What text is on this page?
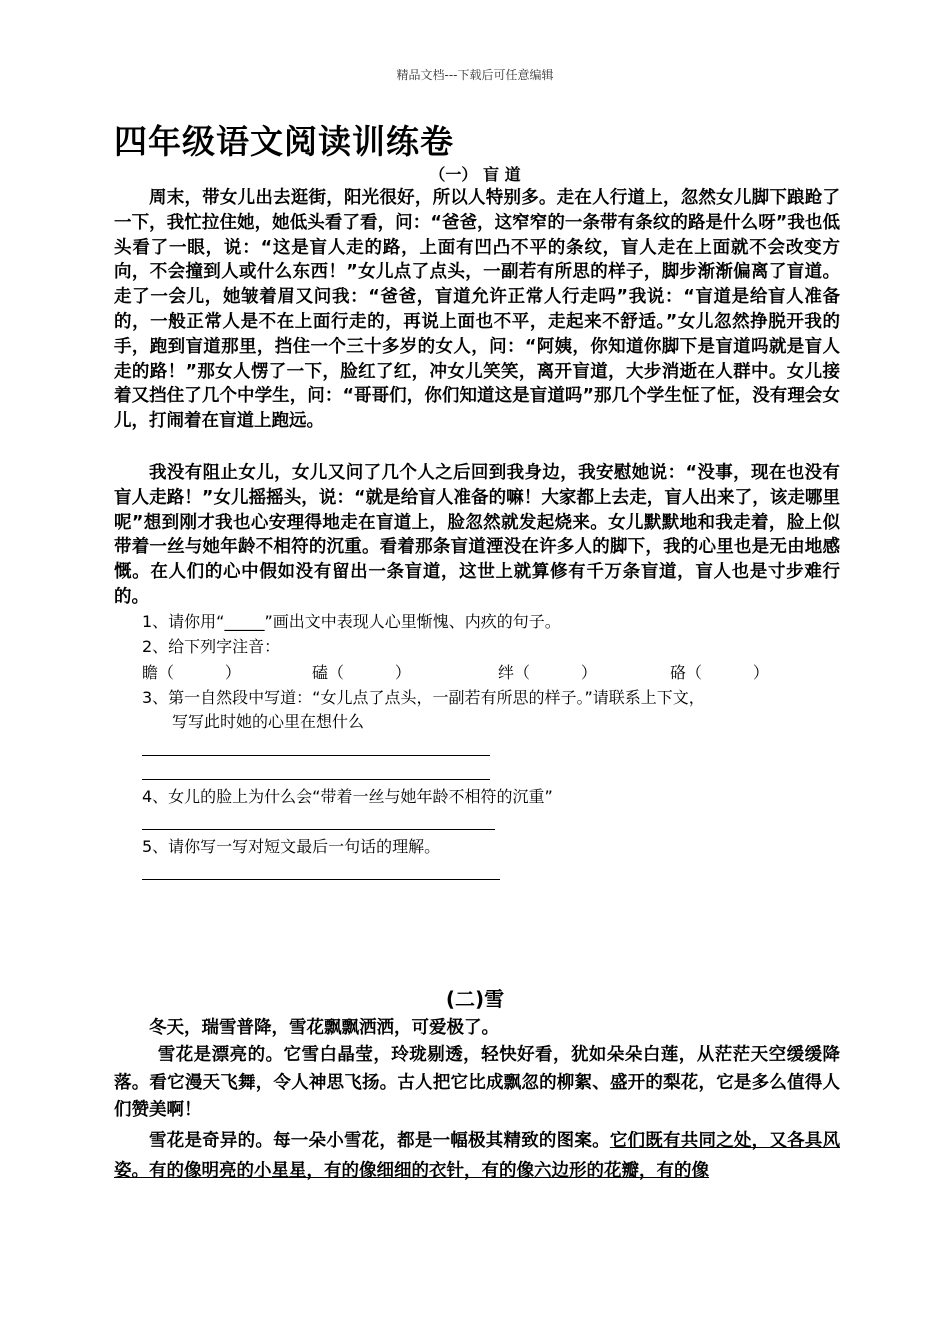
精品文档---下载后可任意编辑
四年级语文阅读训练卷
（一） 盲 道

周末，带女儿出去逛街，阳光很好，所以人特别多。走在人行道上，忽然女儿脚下踉跄了一下，我忙拉住她，她低头看了看，问：“爸爸，这窄窄的一条带有条纹的路是什么呀”我也低头看了一眼，说：“这是盲人走的路，上面有凹凸不平的条纹，盲人走在上面就不会改变方向，不会撞到人或什么东西！”女儿点了点头，一副若有所思的样子，脚步渐渐偏离了盲道。走了一会儿，她皱着眉又问我：“爸爸，盲道允许正常人行走吗”我说：“盲道是给盲人准备的，一般正常人是不在上面行走的，再说上面也不平，走起来不舒适。”女儿忽然挣脱开我的手，跑到盲道那里，挡住一个三十多岁的女人，问：“阿姨，你知道你脚下是盲道吗就是盲人走的路！”那女人愣了一下，脸红了红，冲女儿笑笑，离开盲道，大步消逝在人群中。女儿接着又挡住了几个中学生，问：“哥哥们，你们知道这是盲道吗”那几个学生怔了怔，没有理会女儿，打闹着在盲道上跑远。

我没有阻止女儿，女儿又问了几个人之后回到我身边，我安慰她说：“没事，现在也没有盲人走路！”女儿摇摇头，说：“就是给盲人准备的嘛！大家都上去走，盲人出来了，该走哪里呢”想到刚才我也心安理得地走在盲道上，脸忽然就发起烧来。女儿默默地和我走着，脸上似带着一丝与她年龄不相符的沉重。看着那条盲道湮没在许多人的脚下，我的心里也是无由地感慨。在人们的心中假如没有留出一条盲道，这世上就算修有千万条盲道，盲人也是寸步难行的。

1、请你用“_____”画出文中表现人心里惭愧、内疚的句子。
2、给下列字注音：
瞻（          ）	磕（          ）	绊（          ）	硌（          ）
3、第一自然段中写道：“女儿点了点头，一副若有所思的样子。”请联系上下文，
写写此时她的心里在想什么
4、女儿的脸上为什么会“带着一丝与她年龄不相符的沉重”
5、请你写一写对短文最后一句话的理解。
(二)雪

冬天，瑞雪普降，雪花飘飘洒洒，可爱极了。

雪花是漂亮的。它雪白晶莹，玲珑剔透，轻快好看，犹如朵朵白莲，从茫茫天空缓缓降落。看它漫天飞舞，令人神思飞扬。古人把它比成飘忽的柳絮、盛开的梨花，它是多么值得人们赞美啊！

雪花是奇异的。每一朵小雪花，都是一幅极其精致的图案。它们既有共同之处，又各具风姿。有的像明亮的小星星，有的像细细的衣针，有的像六边形的花瓣，有的像
